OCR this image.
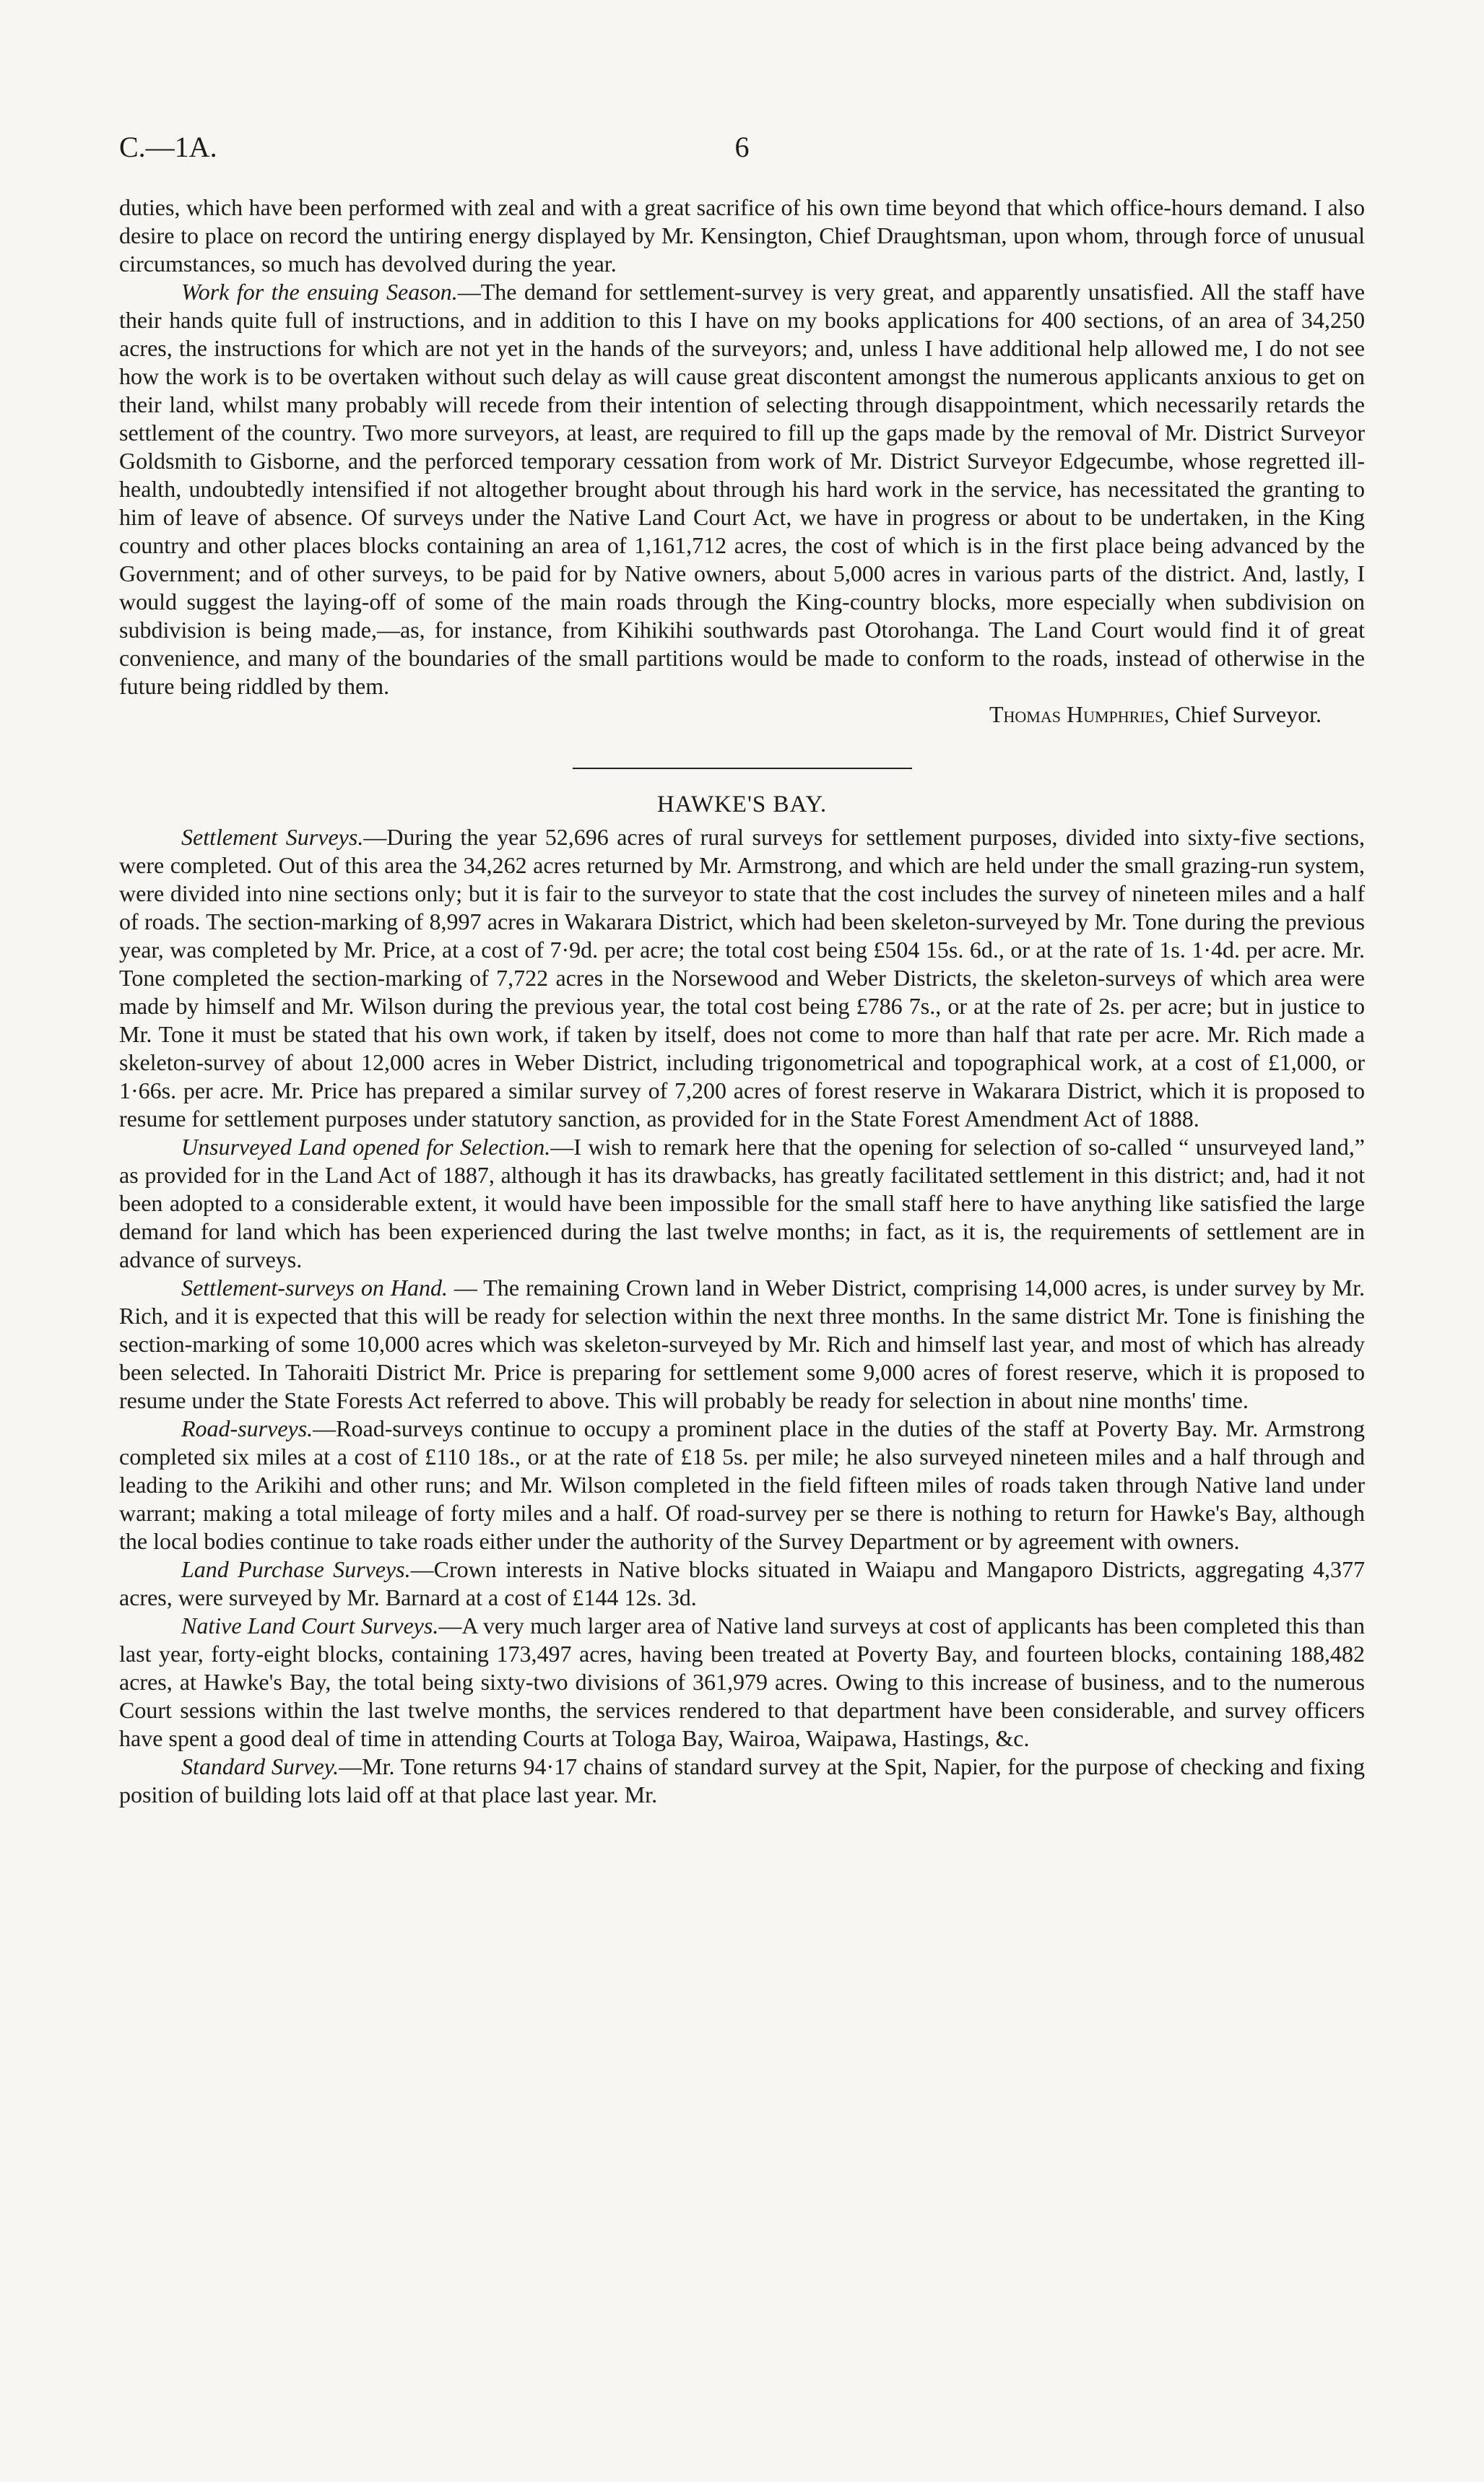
C.—1A.	6

duties, which have been performed with zeal and with a great sacrifice of his own time beyond that which office-hours demand. I also desire to place on record the untiring energy displayed by Mr. Kensington, Chief Draughtsman, upon whom, through force of unusual circumstances, so much has devolved during the year.

Work for the ensuing Season.—The demand for settlement-survey is very great, and apparently unsatisfied. All the staff have their hands quite full of instructions, and in addition to this I have on my books applications for 400 sections, of an area of 34,250 acres, the instructions for which are not yet in the hands of the surveyors; and, unless I have additional help allowed me, I do not see how the work is to be overtaken without such delay as will cause great discontent amongst the numerous applicants anxious to get on their land, whilst many probably will recede from their intention of selecting through disappointment, which necessarily retards the settlement of the country. Two more surveyors, at least, are required to fill up the gaps made by the removal of Mr. District Surveyor Goldsmith to Gisborne, and the perforced temporary cessation from work of Mr. District Surveyor Edgecumbe, whose regretted ill-health, undoubtedly intensified if not altogether brought about through his hard work in the service, has necessitated the granting to him of leave of absence. Of surveys under the Native Land Court Act, we have in progress or about to be undertaken, in the King country and other places blocks containing an area of 1,161,712 acres, the cost of which is in the first place being advanced by the Government; and of other surveys, to be paid for by Native owners, about 5,000 acres in various parts of the district. And, lastly, I would suggest the laying-off of some of the main roads through the King-country blocks, more especially when subdivision on subdivision is being made,—as, for instance, from Kihikihi southwards past Otorohanga. The Land Court would find it of great convenience, and many of the boundaries of the small partitions would be made to conform to the roads, instead of otherwise in the future being riddled by them.

Thomas Humphries, Chief Surveyor.
HAWKE'S BAY.

Settlement Surveys.—During the year 52,696 acres of rural surveys for settlement purposes, divided into sixty-five sections, were completed. Out of this area the 34,262 acres returned by Mr. Armstrong, and which are held under the small grazing-run system, were divided into nine sections only; but it is fair to the surveyor to state that the cost includes the survey of nineteen miles and a half of roads. The section-marking of 8,997 acres in Wakarara District, which had been skeleton-surveyed by Mr. Tone during the previous year, was completed by Mr. Price, at a cost of 7·9d. per acre; the total cost being £504 15s. 6d., or at the rate of 1s. 1·4d. per acre. Mr. Tone completed the section-marking of 7,722 acres in the Norsewood and Weber Districts, the skeleton-surveys of which area were made by himself and Mr. Wilson during the previous year, the total cost being £786 7s., or at the rate of 2s. per acre; but in justice to Mr. Tone it must be stated that his own work, if taken by itself, does not come to more than half that rate per acre. Mr. Rich made a skeleton-survey of about 12,000 acres in Weber District, including trigonometrical and topographical work, at a cost of £1,000, or 1·66s. per acre. Mr. Price has prepared a similar survey of 7,200 acres of forest reserve in Wakarara District, which it is proposed to resume for settlement purposes under statutory sanction, as provided for in the State Forest Amendment Act of 1888.

Unsurveyed Land opened for Selection.—I wish to remark here that the opening for selection of so-called “ unsurveyed land,” as provided for in the Land Act of 1887, although it has its drawbacks, has greatly facilitated settlement in this district; and, had it not been adopted to a considerable extent, it would have been impossible for the small staff here to have anything like satisfied the large demand for land which has been experienced during the last twelve months; in fact, as it is, the requirements of settlement are in advance of surveys.

Settlement-surveys on Hand. — The remaining Crown land in Weber District, comprising 14,000 acres, is under survey by Mr. Rich, and it is expected that this will be ready for selection within the next three months. In the same district Mr. Tone is finishing the section-marking of some 10,000 acres which was skeleton-surveyed by Mr. Rich and himself last year, and most of which has already been selected. In Tahoraiti District Mr. Price is preparing for settlement some 9,000 acres of forest reserve, which it is proposed to resume under the State Forests Act referred to above. This will probably be ready for selection in about nine months' time.

Road-surveys.—Road-surveys continue to occupy a prominent place in the duties of the staff at Poverty Bay. Mr. Armstrong completed six miles at a cost of £110 18s., or at the rate of £18 5s. per mile; he also surveyed nineteen miles and a half through and leading to the Arikihi and other runs; and Mr. Wilson completed in the field fifteen miles of roads taken through Native land under warrant; making a total mileage of forty miles and a half. Of road-survey per se there is nothing to return for Hawke's Bay, although the local bodies continue to take roads either under the authority of the Survey Department or by agreement with owners.

Land Purchase Surveys.—Crown interests in Native blocks situated in Waiapu and Mangaporo Districts, aggregating 4,377 acres, were surveyed by Mr. Barnard at a cost of £144 12s. 3d.

Native Land Court Surveys.—A very much larger area of Native land surveys at cost of applicants has been completed this than last year, forty-eight blocks, containing 173,497 acres, having been treated at Poverty Bay, and fourteen blocks, containing 188,482 acres, at Hawke's Bay, the total being sixty-two divisions of 361,979 acres. Owing to this increase of business, and to the numerous Court sessions within the last twelve months, the services rendered to that department have been considerable, and survey officers have spent a good deal of time in attending Courts at Tologa Bay, Wairoa, Waipawa, Hastings, &c.

Standard Survey.—Mr. Tone returns 94·17 chains of standard survey at the Spit, Napier, for the purpose of checking and fixing position of building lots laid off at that place last year. Mr.
